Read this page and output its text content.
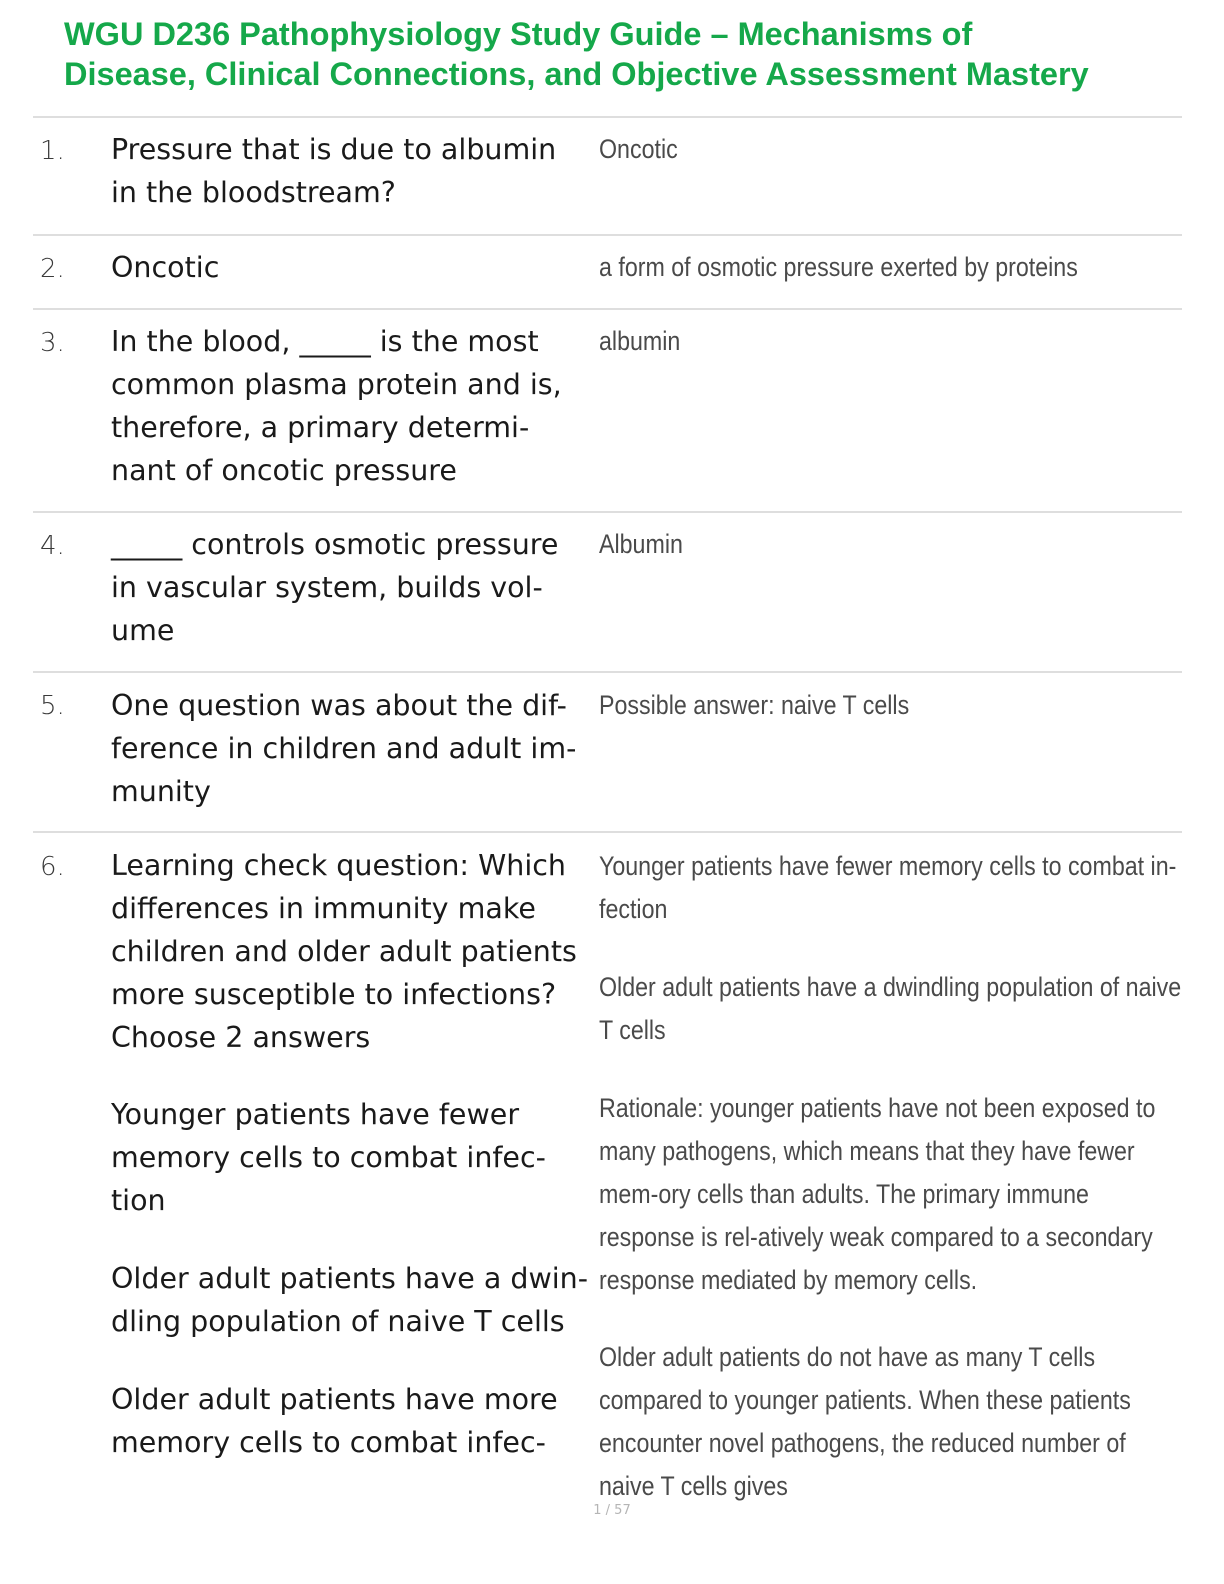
WGU D236 Pathophysiology Study Guide – Mechanisms of
Disease, Clinical Connections, and Objective Assessment Mastery
1. Pressure that is due to albumin in the bloodstream?

Oncotic

2. Oncotic	a form of osmotic pressure exerted by proteins

3. In the blood, _____ is the most common plasma protein and is, therefore, a primary determi-nant of oncotic pressure

albumin

4. _____ controls osmotic pressure in vascular system, builds vol-ume

Albumin

5. One question was about the dif-ference in children and adult im-munity

Possible answer: naive T cells

6. Learning check question: Which differences in immunity make children and older adult patients more susceptible to infections? Choose 2 answers

Younger patients have fewer memory cells to combat infec-tion

Older adult patients have a dwin-dling population of naive T cells

Older adult patients have more memory cells to combat infec-

Younger patients have fewer memory cells to combat in-fection

Older adult patients have a dwindling population of naive T cells

Rationale: younger patients have not been exposed to many pathogens, which means that they have fewer mem-ory cells than adults. The primary immune response is rel-atively weak compared to a secondary response mediated by memory cells.

Older adult patients do not have as many T cells compared to younger patients. When these patients encounter novel pathogens, the reduced number of naive T cells gives

1 / 57
